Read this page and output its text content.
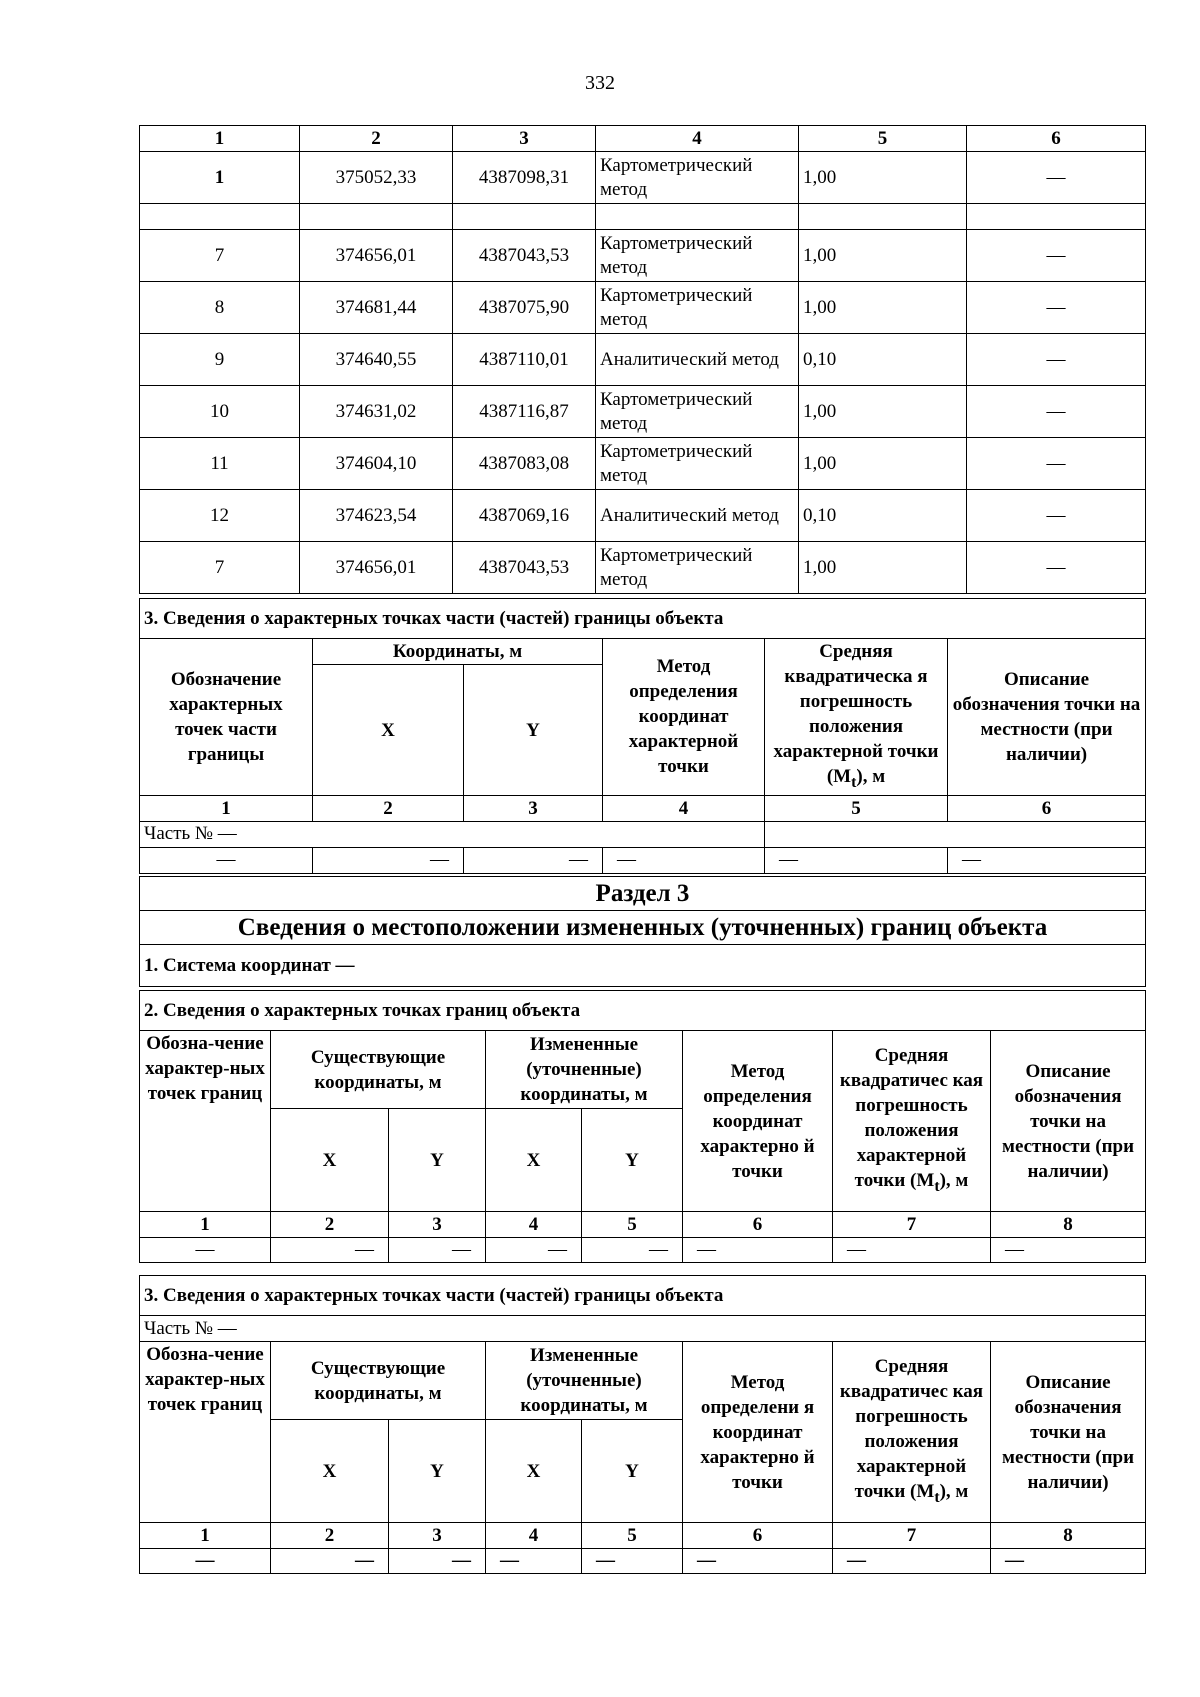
332
1	2	3	4	5	6
1	375052,33	4387098,31	Картометрический метод	1,00	—

7	374656,01	4387043,53	Картометрический метод	1,00	—
8	374681,44	4387075,90	Картометрический метод	1,00	—
9	374640,55	4387110,01	Аналитический метод	0,10	—
10	374631,02	4387116,87	Картометрический метод	1,00	—
11	374604,10	4387083,08	Картометрический метод	1,00	—
12	374623,54	4387069,16	Аналитический метод	0,10	—
7	374656,01	4387043,53	Картометрический метод	1,00	—
3. Сведения о характерных точках части (частей) границы объекта					
Обозначение характерных точек части границы	Координаты, м		Метод определения координат характерной точки	Средняя квадратическа я погрешность положения характерной точки $(M_t)$, м	Описание обозначения точки на местности (при наличии)
	X	Y			
1	2	3	4	5	6
Часть № —					
—	—	—	—	—	—
Раздел 3
Сведения о местоположении измененных (уточненных) границ объекта
1. Система координат —
2. Сведения о характерных точках границ объекта							
Обозна-чение характер-ных точек границ	Существующие координаты, м		Измененные (уточненные) координаты, м		Метод определения координат характерно й точки	Средняя квадратичес кая погрешность положения характерной точки $(M_t)$, м	Описание обозначения точки на местности (при наличии)
	X	Y	X	Y			
1	2	3	4	5	6	7	8
—	—	—	—	—	—	—	—
3. Сведения о характерных точках части (частей) границы объекта							
Часть № —							
Обозна-чение характер-ных точек границ	Существующие координаты, м		Измененные (уточненные) координаты, м		Метод определени я координат характерно й точки	Средняя квадратичес кая погрешность положения характерной точки $(M_t)$, м	Описание обозначения точки на местности (при наличии)
	X	Y	X	Y			
1	2	3	4	5	6	7	8
—	—	—	—	—	—	—	—
